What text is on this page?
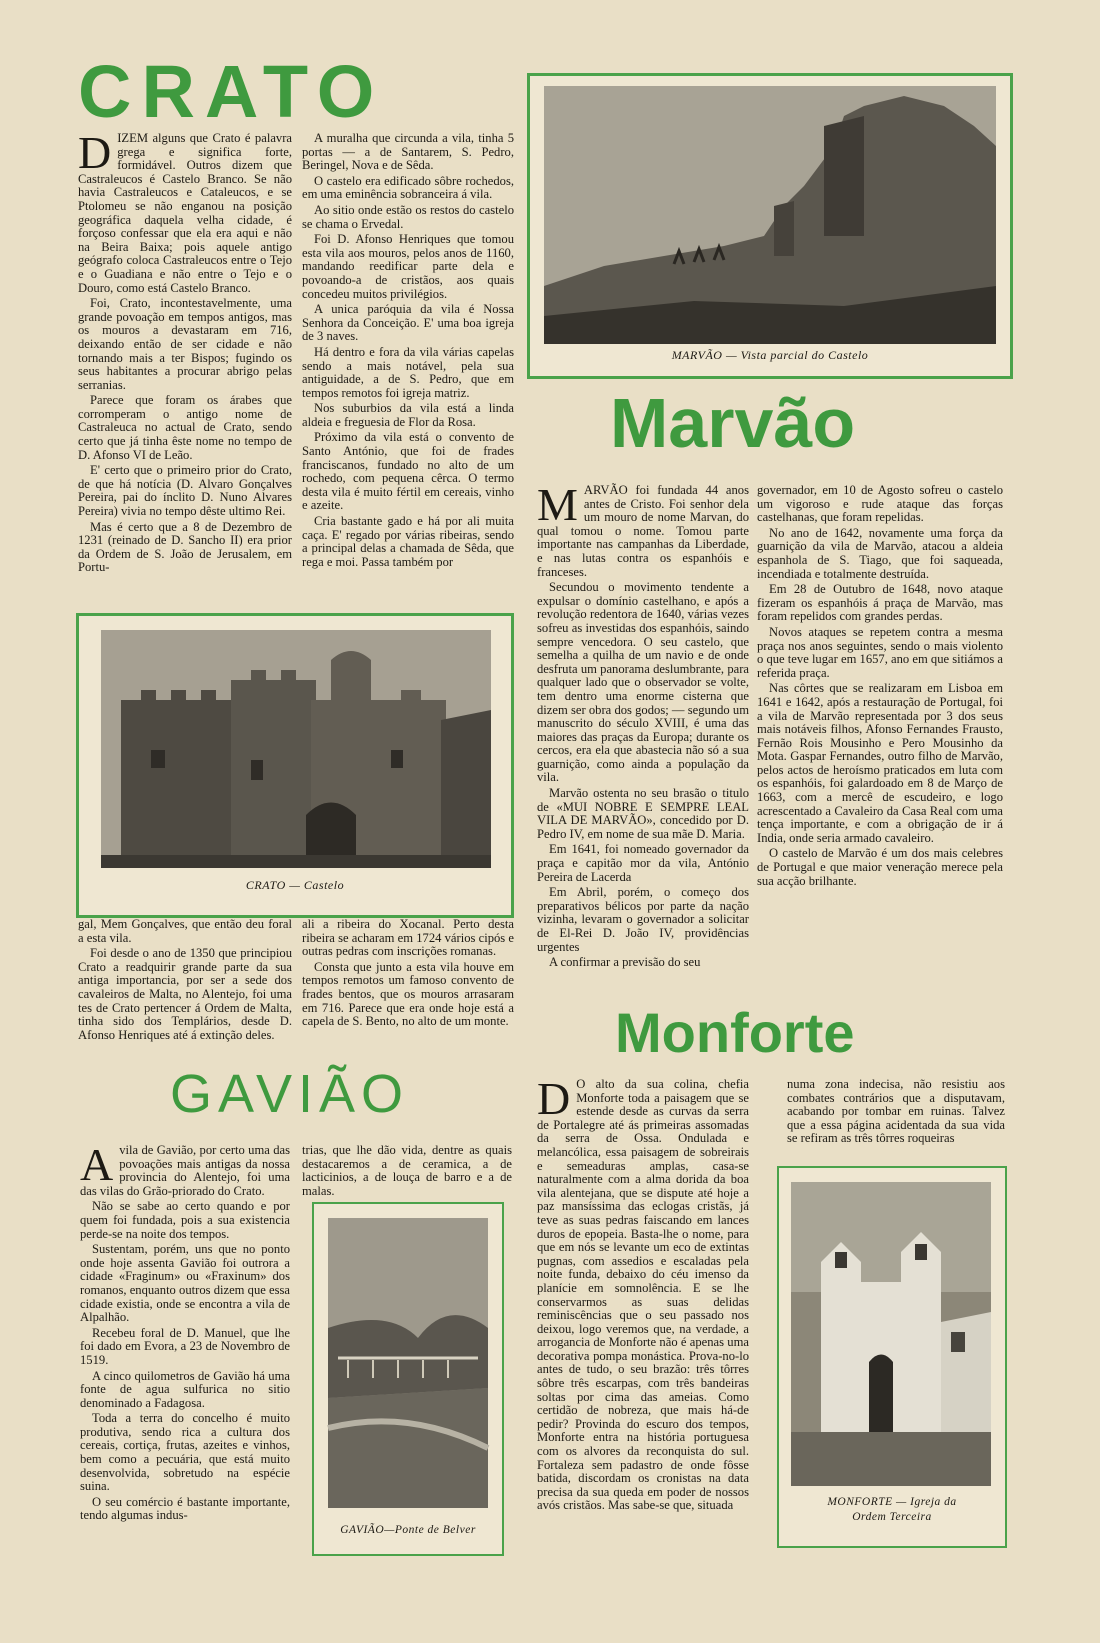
CRATO
D IZEM alguns que Crato é palavra grega e significa forte, formidável. Outros dizem que Castraleucos é Castelo Branco. Se não havia Castraleucos e Cataleucos, e se Ptolomeu se não enganou na posição geográfica daquela velha cidade, é forçoso confessar que ela era aqui e não na Beira Baixa; pois aquele antigo geógrafo coloca Castraleucos entre o Tejo e o Guadiana e não entre o Tejo e o Douro, como está Castelo Branco.

Foi, Crato, incontestavelmente, uma grande povoação em tempos antigos, mas os mouros a devastaram em 716, deixando então de ser cidade e não tornando mais a ter Bispos; fugindo os seus habitantes a procurar abrigo pelas serranias.

Parece que foram os árabes que corromperam o antigo nome de Castraleuca no actual de Crato, sendo certo que já tinha êste nome no tempo de D. Afonso VI de Leão.

E' certo que o primeiro prior do Crato, de que há notícia (D. Alvaro Gonçalves Pereira, pai do ínclito D. Nuno Alvares Pereira) vivia no tempo dêste ultimo Rei.

Mas é certo que a 8 de Dezembro de 1231 (reinado de D. Sancho II) era prior da Ordem de S. João de Jerusalem, em Portu-

A muralha que circunda a vila, tinha 5 portas — a de Santarem, S. Pedro, Beringel, Nova e de Sêda.

O castelo era edificado sôbre rochedos, em uma eminência sobranceira á vila.

Ao sitio onde estão os restos do castelo se chama o Ervedal.

Foi D. Afonso Henriques que tomou esta vila aos mouros, pelos anos de 1160, mandando reedificar parte dela e povoando-a de cristãos, aos quais concedeu muitos privilégios.

A unica paróquia da vila é Nossa Senhora da Conceição. E' uma boa igreja de 3 naves.

Há dentro e fora da vila várias capelas sendo a mais notável, pela sua antiguidade, a de S. Pedro, que em tempos remotos foi igreja matriz.

Nos suburbios da vila está a linda aldeia e freguesia de Flor da Rosa.

Próximo da vila está o convento de Santo António, que foi de frades franciscanos, fundado no alto de um rochedo, com pequena cêrca. O termo desta vila é muito fértil em cereais, vinho e azeite.

Cria bastante gado e há por ali muita caça. E' regado por várias ribeiras, sendo a principal delas a chamada de Sêda, que rega e moi. Passa também por

CRATO — Castelo

gal, Mem Gonçalves, que então deu foral a esta vila.

Foi desde o ano de 1350 que principiou Crato a readquirir grande parte da sua antiga importancia, por ser a sede dos cavaleiros de Malta, no Alentejo, foi uma tes de Crato pertencer á Ordem de Malta, tinha sido dos Templários, desde D. Afonso Henriques até á extinção deles.

ali a ribeira do Xocanal. Perto desta ribeira se acharam em 1724 vários cipós e outras pedras com inscrições romanas.

Consta que junto a esta vila houve em tempos remotos um famoso convento de frades bentos, que os mouros arrasaram em 716. Parece que era onde hoje está a capela de S. Bento, no alto de um monte.

GAVIÃO
A vila de Gavião, por certo uma das povoações mais antigas da nossa provincia do Alentejo, foi uma das vilas do Grão-priorado do Crato.

Não se sabe ao certo quando e por quem foi fundada, pois a sua existencia perde-se na noite dos tempos.

Sustentam, porém, uns que no ponto onde hoje assenta Gavião foi outrora a cidade «Fraginum» ou «Fraxinum» dos romanos, enquanto outros dizem que essa cidade existia, onde se encontra a vila de Alpalhão.

Recebeu foral de D. Manuel, que lhe foi dado em Evora, a 23 de Novembro de 1519.

A cinco quilometros de Gavião há uma fonte de agua sulfurica no sitio denominado a Fadagosa.

Toda a terra do concelho é muito produtiva, sendo rica a cultura dos cereais, cortiça, frutas, azeites e vinhos, bem como a pecuária, que está muito desenvolvida, sobretudo na espécie suina.

O seu comércio é bastante importante, tendo algumas indus-

trias, que lhe dão vida, dentre as quais destacaremos a de ceramica, a de lacticinios, a de louça de barro e a de malas.

GAVIÃO—Ponte de Belver
MARVÃO — Vista parcial do Castelo
Marvão
M ARVÃO foi fundada 44 anos antes de Cristo. Foi senhor dela um mouro de nome Marvan, do qual tomou o nome. Tomou parte importante nas campanhas da Liberdade, e nas lutas contra os espanhóis e franceses.

Secundou o movimento tendente a expulsar o domínio castelhano, e após a revolução redentora de 1640, várias vezes sofreu as investidas dos espanhóis, saindo sempre vencedora. O seu castelo, que semelha a quilha de um navio e de onde desfruta um panorama deslumbrante, para qualquer lado que o observador se volte, tem dentro uma enorme cisterna que dizem ser obra dos godos; — segundo um manuscrito do século XVIII, é uma das maiores das praças da Europa; durante os cercos, era ela que abastecia não só a sua guarnição, como ainda a população da vila.

Marvão ostenta no seu brasão o titulo de «MUI NOBRE E SEMPRE LEAL VILA DE MARVÃO», concedido por D. Pedro IV, em nome de sua mãe D. Maria.

Em 1641, foi nomeado governador da praça e capitão mor da vila, António Pereira de Lacerda

Em Abril, porém, o começo dos preparativos bélicos por parte da nação vizinha, levaram o governador a solicitar de El-Rei D. João IV, providências urgentes

A confirmar a previsão do seu

governador, em 10 de Agosto sofreu o castelo um vigoroso e rude ataque das forças castelhanas, que foram repelidas.

No ano de 1642, novamente uma força da guarnição da vila de Marvão, atacou a aldeia espanhola de S. Tiago, que foi saqueada, incendiada e totalmente destruída.

Em 28 de Outubro de 1648, novo ataque fizeram os espanhóis á praça de Marvão, mas foram repelidos com grandes perdas.

Novos ataques se repetem contra a mesma praça nos anos seguintes, sendo o mais violento o que teve lugar em 1657, ano em que sitiámos a referida praça.

Nas côrtes que se realizaram em Lisboa em 1641 e 1642, após a restauração de Portugal, foi a vila de Marvão representada por 3 dos seus mais notáveis filhos, Afonso Fernandes Frausto, Fernão Rois Mousinho e Pero Mousinho da Mota. Gaspar Fernandes, outro filho de Marvão, pelos actos de heroísmo praticados em luta com os espanhóis, foi galardoado em 8 de Março de 1663, com a mercê de escudeiro, e logo acrescentado a Cavaleiro da Casa Real com uma tença importante, e com a obrigação de ir á India, onde seria armado cavaleiro.

O castelo de Marvão é um dos mais celebres de Portugal e que maior veneração merece pela sua acção brilhante.

Monforte
D O alto da sua colina, chefia Monforte toda a paisagem que se estende desde as curvas da serra de Portalegre até ás primeiras assomadas da serra de Ossa. Ondulada e melancólica, essa paisagem de sobreirais e semeaduras amplas, casa-se naturalmente com a alma dorida da boa vila alentejana, que se dispute até hoje a paz mansíssima das eclogas cristãs, já teve as suas pedras faiscando em lances duros de epopeia. Basta-lhe o nome, para que em nós se levante um eco de extintas pugnas, com assedios e escaladas pela noite funda, debaixo do céu imenso da planície em somnolência. E se lhe conservarmos as suas delidas reminiscências que o seu passado nos deixou, logo veremos que, na verdade, a arrogancia de Monforte não é apenas uma decorativa pompa monástica. Prova-no-lo antes de tudo, o seu brazão: três tôrres sôbre três escarpas, com três bandeiras soltas por cima das ameias. Como certidão de nobreza, que mais há-de pedir? Provinda do escuro dos tempos, Monforte entra na história portuguesa com os alvores da reconquista do sul. Fortaleza sem padastro de onde fôsse batida, discordam os cronistas na data precisa da sua queda em poder de nossos avós cristãos. Mas sabe-se que, situada

numa zona indecisa, não resistiu aos combates contrários que a disputavam, acabando por tombar em ruinas. Talvez que a essa página acidentada da sua vida se refiram as três tôrres roqueiras

MONFORTE — Igreja da
Ordem Terceira
